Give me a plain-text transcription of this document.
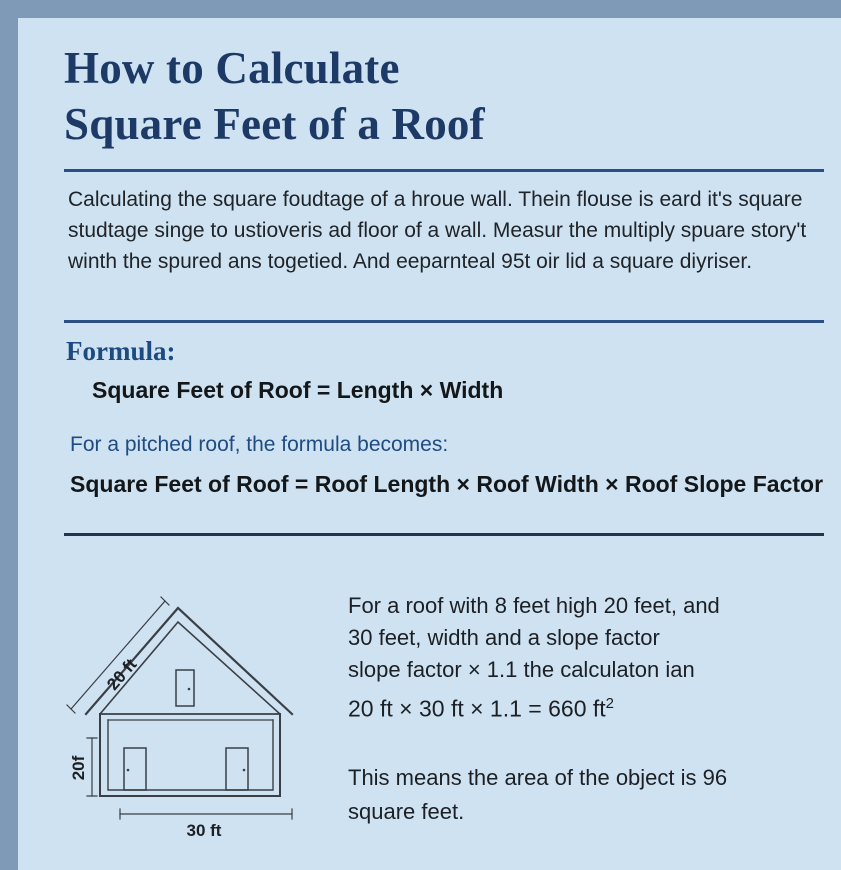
How to Calculate
Square Feet of a Roof

Calculating the square foudtage of a hroue wall. Thein flouse is eard it's square studtage singe to ustioveris ad floor of a wall. Measur the multiply spuare story't winth the spured ans togetied. And eeparnteal 95t oir lid a square diyriser.

Formula:

Square Feet of Roof = Length × Width

For a pitched roof, the formula becomes:

Square Feet of Roof = Roof Length × Roof Width × Roof Slope Factor

20 ft
20f
30 ft

For a roof with 8 feet high 20 feet, and

30 feet, width and a slope factor

slope factor × 1.1 the calculaton ian

20 ft × 30 ft × 1.1 = 660 $ft^2$

This means the area of the object is 96
square feet.
